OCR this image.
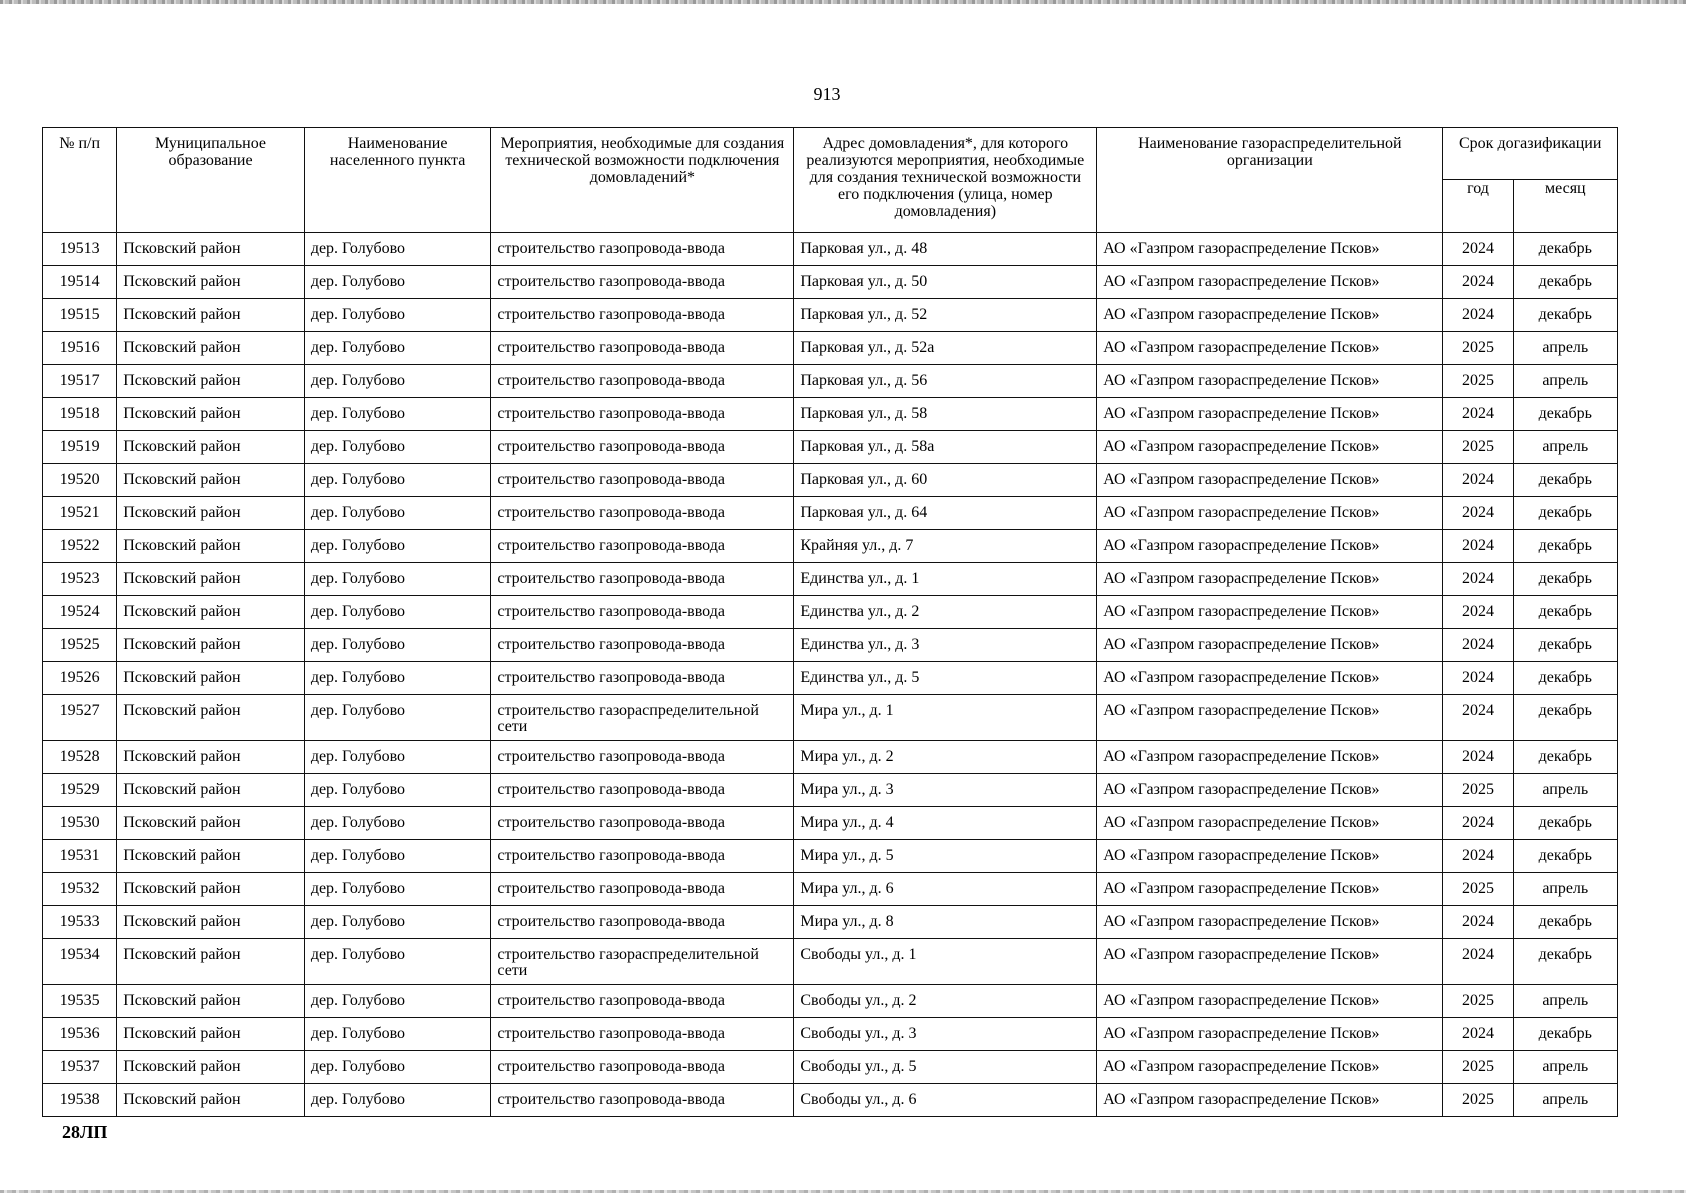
913
№ п/п	Муниципальное образование	Наименование населенного пункта	Мероприятия, необходимые для создания технической возможности подключения домовладений*	Адрес домовладения*, для которого реализуются мероприятия, необходимые для создания технической возможности его подключения (улица, номер домовладения)	Наименование газораспределительной организации	Срок догазификации	
						год	месяц
19513	Псковский район	дер. Голубово	строительство газопровода-ввода	Парковая ул., д. 48	АО «Газпром газораспределение Псков»	2024	декабрь
19514	Псковский район	дер. Голубово	строительство газопровода-ввода	Парковая ул., д. 50	АО «Газпром газораспределение Псков»	2024	декабрь
19515	Псковский район	дер. Голубово	строительство газопровода-ввода	Парковая ул., д. 52	АО «Газпром газораспределение Псков»	2024	декабрь
19516	Псковский район	дер. Голубово	строительство газопровода-ввода	Парковая ул., д. 52а	АО «Газпром газораспределение Псков»	2025	апрель
19517	Псковский район	дер. Голубово	строительство газопровода-ввода	Парковая ул., д. 56	АО «Газпром газораспределение Псков»	2025	апрель
19518	Псковский район	дер. Голубово	строительство газопровода-ввода	Парковая ул., д. 58	АО «Газпром газораспределение Псков»	2024	декабрь
19519	Псковский район	дер. Голубово	строительство газопровода-ввода	Парковая ул., д. 58а	АО «Газпром газораспределение Псков»	2025	апрель
19520	Псковский район	дер. Голубово	строительство газопровода-ввода	Парковая ул., д. 60	АО «Газпром газораспределение Псков»	2024	декабрь
19521	Псковский район	дер. Голубово	строительство газопровода-ввода	Парковая ул., д. 64	АО «Газпром газораспределение Псков»	2024	декабрь
19522	Псковский район	дер. Голубово	строительство газопровода-ввода	Крайняя ул., д. 7	АО «Газпром газораспределение Псков»	2024	декабрь
19523	Псковский район	дер. Голубово	строительство газопровода-ввода	Единства ул., д. 1	АО «Газпром газораспределение Псков»	2024	декабрь
19524	Псковский район	дер. Голубово	строительство газопровода-ввода	Единства ул., д. 2	АО «Газпром газораспределение Псков»	2024	декабрь
19525	Псковский район	дер. Голубово	строительство газопровода-ввода	Единства ул., д. 3	АО «Газпром газораспределение Псков»	2024	декабрь
19526	Псковский район	дер. Голубово	строительство газопровода-ввода	Единства ул., д. 5	АО «Газпром газораспределение Псков»	2024	декабрь
19527	Псковский район	дер. Голубово	строительство газораспределительной сети	Мира ул., д. 1	АО «Газпром газораспределение Псков»	2024	декабрь
19528	Псковский район	дер. Голубово	строительство газопровода-ввода	Мира ул., д. 2	АО «Газпром газораспределение Псков»	2024	декабрь
19529	Псковский район	дер. Голубово	строительство газопровода-ввода	Мира ул., д. 3	АО «Газпром газораспределение Псков»	2025	апрель
19530	Псковский район	дер. Голубово	строительство газопровода-ввода	Мира ул., д. 4	АО «Газпром газораспределение Псков»	2024	декабрь
19531	Псковский район	дер. Голубово	строительство газопровода-ввода	Мира ул., д. 5	АО «Газпром газораспределение Псков»	2024	декабрь
19532	Псковский район	дер. Голубово	строительство газопровода-ввода	Мира ул., д. 6	АО «Газпром газораспределение Псков»	2025	апрель
19533	Псковский район	дер. Голубово	строительство газопровода-ввода	Мира ул., д. 8	АО «Газпром газораспределение Псков»	2024	декабрь
19534	Псковский район	дер. Голубово	строительство газораспределительной сети	Свободы ул., д. 1	АО «Газпром газораспределение Псков»	2024	декабрь
19535	Псковский район	дер. Голубово	строительство газопровода-ввода	Свободы ул., д. 2	АО «Газпром газораспределение Псков»	2025	апрель
19536	Псковский район	дер. Голубово	строительство газопровода-ввода	Свободы ул., д. 3	АО «Газпром газораспределение Псков»	2024	декабрь
19537	Псковский район	дер. Голубово	строительство газопровода-ввода	Свободы ул., д. 5	АО «Газпром газораспределение Псков»	2025	апрель
19538	Псковский район	дер. Голубово	строительство газопровода-ввода	Свободы ул., д. 6	АО «Газпром газораспределение Псков»	2025	апрель
28ЛП
